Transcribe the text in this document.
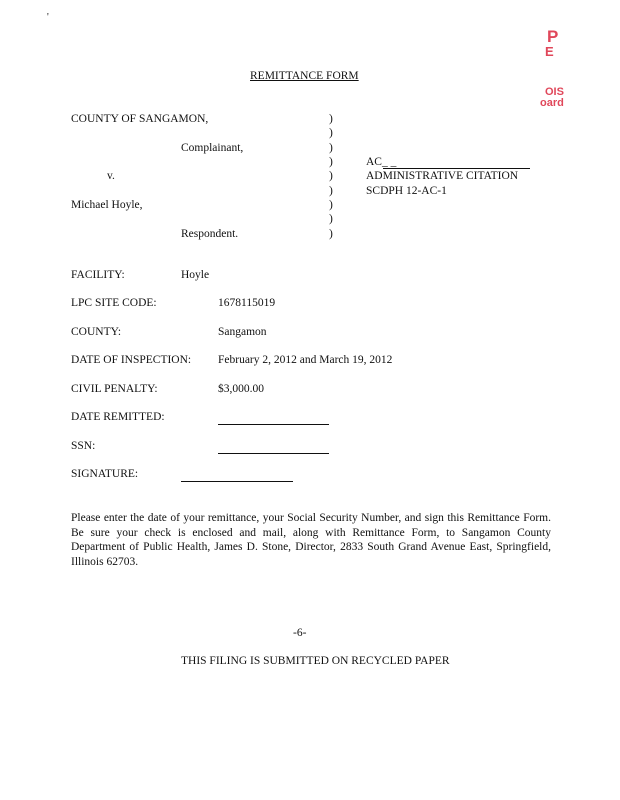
'
P
E
OIS
oard
REMITTANCE FORM
COUNTY OF SANGAMON,
Complainant,
v.
Michael Hoyle,
Respondent.
)
)
)
)
)
)
)
)
)
AC_ _
ADMINISTRATIVE CITATION
SCDPH 12-AC-1
FACILITY:	Hoyle
LPC SITE CODE:	1678115019
COUNTY:	Sangamon
DATE OF INSPECTION: February 2, 2012 and March 19, 2012
CIVIL PENALTY:	$3,000.00
DATE REMITTED:
SSN:
SIGNATURE:
Please enter the date of your remittance, your Social Security Number, and sign this Remittance Form. Be sure your check is enclosed and mail, along with Remittance Form, to Sangamon County Department of Public Health, James D. Stone, Director, 2833 South Grand Avenue East, Springfield, Illinois 62703.
-6-
THIS FILING IS SUBMITTED ON RECYCLED PAPER
